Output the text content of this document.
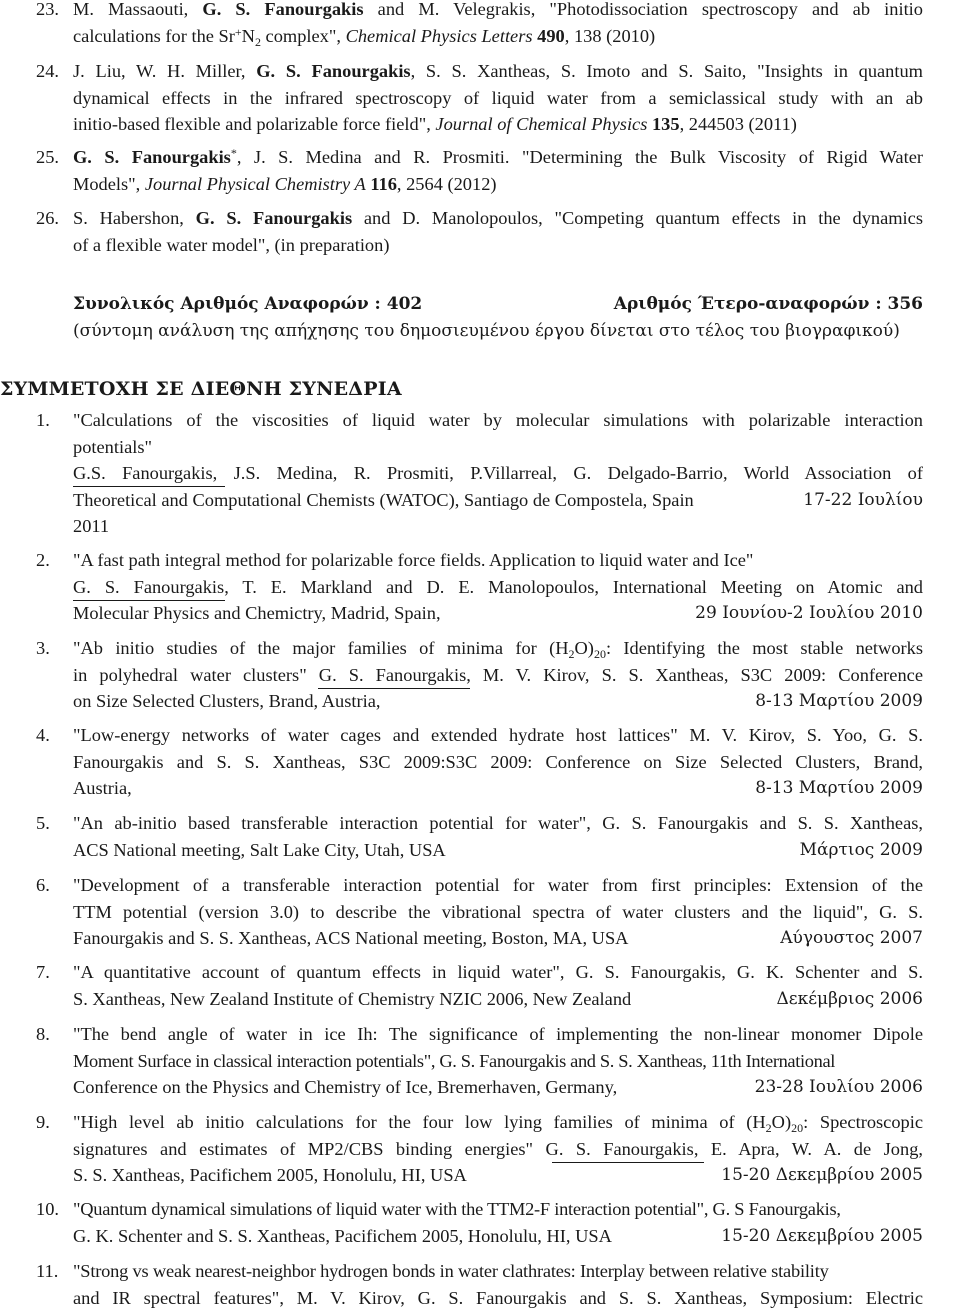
23. M. Massaouti, G. S. Fanourgakis and M. Velegrakis, "Photodissociation spectroscopy and ab initio
calculations for the $Sr^+N_2$ complex", Chemical Physics Letters 490, 138 (2010)
24. J. Liu, W. H. Miller, G. S. Fanourgakis, S. S. Xantheas, S. Imoto and S. Saito, "Insights in quantum
dynamical effects in the infrared spectroscopy of liquid water from a semiclassical study with an ab
initio-based flexible and polarizable force field", Journal of Chemical Physics 135, 244503 (2011)
25. G. S. Fanourgakis*, J. S. Medina and R. Prosmiti. "Determining the Bulk Viscosity of Rigid Water
Models", Journal Physical Chemistry A 116, 2564 (2012)
26. S. Habershon, G. S. Fanourgakis and D. Manolopoulos, "Competing quantum effects in the dynamics
of a flexible water model", (in preparation)
Συνολικός Αριθμός Αναφορών : 402	Αριθμός Έτερο-αναφορών : 356
(σύντομη ανάλυση της απήχησης του δημοσιευμένου έργου δίνεται στο τέλος του βιογραφικού)
ΣΥΜΜΕΤΟΧΗ ΣΕ ΔΙΕΘΝΗ ΣΥΝΕΔΡΙΑ
1. "Calculations of the viscosities of liquid water by molecular simulations with polarizable interaction
potentials"
G.S. Fanourgakis, J.S. Medina, R. Prosmiti, P.Villarreal, G. Delgado-Barrio, World Association of
Theoretical and Computational Chemists (WATOC), Santiago de Compostela, Spain	17-22 Ιουλίου
2011
2. "A fast path integral method for polarizable force fields. Application to liquid water and Ice"
G. S. Fanourgakis, T. E. Markland and D. E. Manolopoulos, International Meeting on Atomic and
Molecular Physics and Chemictry, Madrid, Spain,	29 Ιουνίου-2 Ιουλίου 2010
3. "Ab initio studies of the major families of minima for $(H_2O)_{20}$: Identifying the most stable networks
in polyhedral water clusters" G. S. Fanourgakis, M. V. Kirov, S. S. Xantheas, S3C 2009: Conference
on Size Selected Clusters, Brand, Austria,	8-13 Μαρτίου 2009
4. "Low-energy networks of water cages and extended hydrate host lattices" M. V. Kirov, S. Yoo, G. S.
Fanourgakis and S. S. Xantheas, S3C 2009:S3C 2009: Conference on Size Selected Clusters, Brand,
Austria,	8-13 Μαρτίου 2009
5. "An ab-initio based transferable interaction potential for water", G. S. Fanourgakis and S. S. Xantheas,
ACS National meeting, Salt Lake City, Utah, USA	Μάρτιος 2009
6. "Development of a transferable interaction potential for water from first principles: Extension of the
TTM potential (version 3.0) to describe the vibrational spectra of water clusters and the liquid", G. S.
Fanourgakis and S. S. Xantheas, ACS National meeting, Boston, MA, USA	Αύγουστος 2007
7. "A quantitative account of quantum effects in liquid water", G. S. Fanourgakis, G. K. Schenter and S.
S. Xantheas, New Zealand Institute of Chemistry NZIC 2006, New Zealand	Δεκέμβριος 2006
8. "The bend angle of water in ice Ih: The significance of implementing the non-linear monomer Dipole
Moment Surface in classical interaction potentials", G. S. Fanourgakis and S. S. Xantheas, 11th International
Conference on the Physics and Chemistry of Ice, Bremerhaven, Germany,	23-28 Ιουλίου 2006
9. "High level ab initio calculations for the four low lying families of minima of $(H_2O)_{20}$: Spectroscopic
signatures and estimates of MP2/CBS binding energies" G. S. Fanourgakis, E. Apra, W. A. de Jong,
S. S. Xantheas, Pacifichem 2005, Honolulu, HI, USA	15-20 Δεκεμβρίου 2005
10. "Quantum dynamical simulations of liquid water with the TTM2-F interaction potential", G. S Fanourgakis,
G. K. Schenter and S. S. Xantheas, Pacifichem 2005, Honolulu, HI, USA	15-20 Δεκεμβρίου 2005
11. "Strong vs weak nearest-neighbor hydrogen bonds in water clathrates: Interplay between relative stability
and IR spectral features", M. V. Kirov, G. S. Fanourgakis and S. S. Xantheas, Symposium: Electric
